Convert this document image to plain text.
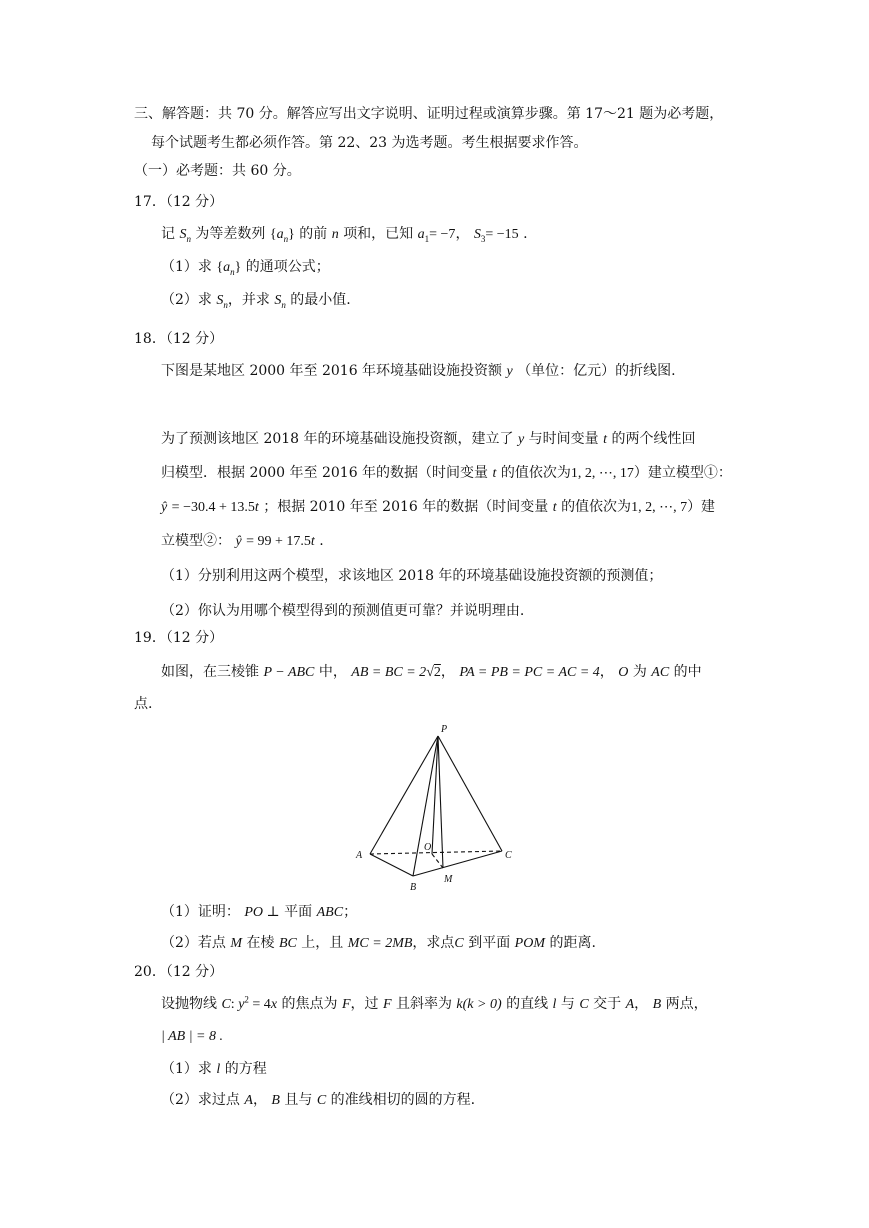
三、解答题：共 70 分。解答应写出文字说明、证明过程或演算步骤。第 17～21 题为必考题，
每个试题考生都必须作答。第 22、23 为选考题。考生根据要求作答。
（一）必考题：共 60 分。
17．（12 分）
记 $S_n$ 为等差数列 $\{a_n\}$ 的前 n 项和，已知 $a_1= -7$， $S_3= -15$ .
（1）求 $\{a_n\}$ 的通项公式；
（2）求 $S_n$，并求 $S_n$ 的最小值.
18．（12 分）
下图是某地区 2000 年至 2016 年环境基础设施投资额 y （单位：亿元）的折线图.
为了预测该地区 2018 年的环境基础设施投资额，建立了 y 与时间变量 t 的两个线性回
归模型．根据 2000 年至 2016 年的数据（时间变量 t 的值依次为1, 2, ⋯, 17）建立模型①：
ŷ = −30.4 + 13.5t ；根据 2010 年至 2016 年的数据（时间变量 t 的值依次为1, 2, ⋯, 7）建
立模型②： ŷ = 99 + 17.5t .
（1）分别利用这两个模型，求该地区 2018 年的环境基础设施投资额的预测值；
（2）你认为用哪个模型得到的预测值更可靠？并说明理由.
19．（12 分）
如图，在三棱锥 P − ABC 中， AB = BC = 2√2， PA = PB = PC = AC = 4， O 为 AC 的中
点.
P
A
B
C
O
M
（1）证明： PO ⊥ 平面 ABC；
（2）若点 M 在棱 BC 上，且 MC = 2MB，求点C 到平面 POM 的距离.
20．（12 分）
设抛物线 C: $y^2 = 4x$ 的焦点为 F，过 F 且斜率为 k(k > 0) 的直线 l 与 C 交于 A， B 两点，
| AB | = 8 .
（1）求 l 的方程
（2）求过点 A， B 且与 C 的准线相切的圆的方程.
